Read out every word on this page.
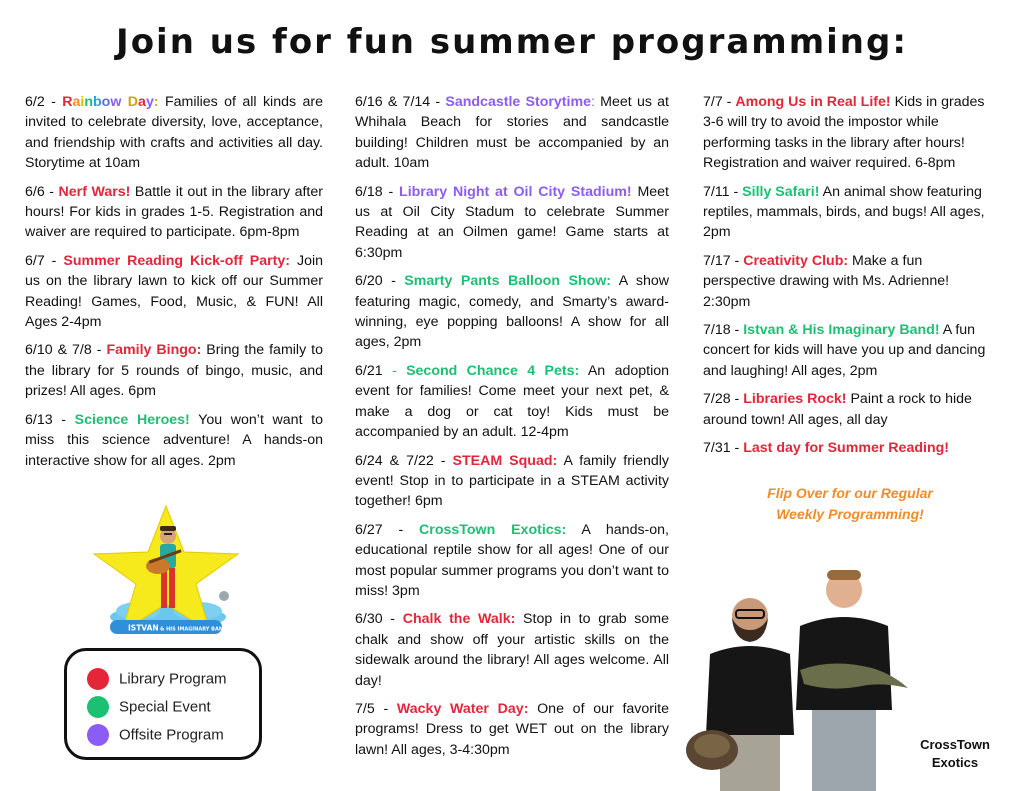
Join us for fun summer programming:

6/2 - Rainbow Day: Families of all kinds are invited to celebrate diversity, love, acceptance, and friendship with crafts and activities all day. Storytime at 10am

6/6 - Nerf Wars! Battle it out in the library after hours! For kids in grades 1-5. Registration and waiver are required to participate. 6pm-8pm

6/7 - Summer Reading Kick-off Party: Join us on the library lawn to kick off our Summer Reading! Games, Food, Music, & FUN! All Ages 2-4pm

6/10 & 7/8 - Family Bingo: Bring the family to the library for 5 rounds of bingo, music, and prizes! All ages. 6pm

6/13 - Science Heroes! You won’t want to miss this science adventure! A hands-on interactive show for all ages. 2pm

6/16 & 7/14 - Sandcastle Storytime: Meet us at Whihala Beach for stories and sandcastle building! Children must be accompanied by an adult. 10am

6/18 - Library Night at Oil City Stadium! Meet us at Oil City Stadum to celebrate Summer Reading at an Oilmen game! Game starts at 6:30pm

6/20 - Smarty Pants Balloon Show: A show featuring magic, comedy, and Smarty’s award-winning, eye popping balloons! A show for all ages, 2pm

6/21 - Second Chance 4 Pets: An adoption event for families! Come meet your next pet, & make a dog or cat toy! Kids must be accompanied by an adult. 12-4pm

6/24 & 7/22 - STEAM Squad: A family friendly event! Stop in to participate in a STEAM activity together! 6pm

6/27 - CrossTown Exotics: A hands-on, educational reptile show for all ages! One of our most popular summer programs you don’t want to miss! 3pm

6/30 - Chalk the Walk: Stop in to grab some chalk and show off your artistic skills on the sidewalk around the library! All ages welcome. All day!

7/5 - Wacky Water Day: One of our favorite programs! Dress to get WET out on the library lawn! All ages, 3-4:30pm

7/7 - Among Us in Real Life! Kids in grades 3-6 will try to avoid the impostor while performing tasks in the library after hours! Registration and waiver required. 6-8pm

7/11 - Silly Safari! An animal show featuring reptiles, mammals, birds, and bugs! All ages, 2pm

7/17 - Creativity Club: Make a fun perspective drawing with Ms. Adrienne! 2:30pm

7/18 - Istvan & His Imaginary Band! A fun concert for kids will have you up and dancing and laughing! All ages, 2pm

7/28 - Libraries Rock! Paint a rock to hide around town! All ages, all day

7/31 - Last day for Summer Reading!

Flip Over for our Regular
Weekly Programming!
ISTVAN & HIS IMAGINARY BAND
Library Program
Special Event
Offsite Program
CrossTown
Exotics
